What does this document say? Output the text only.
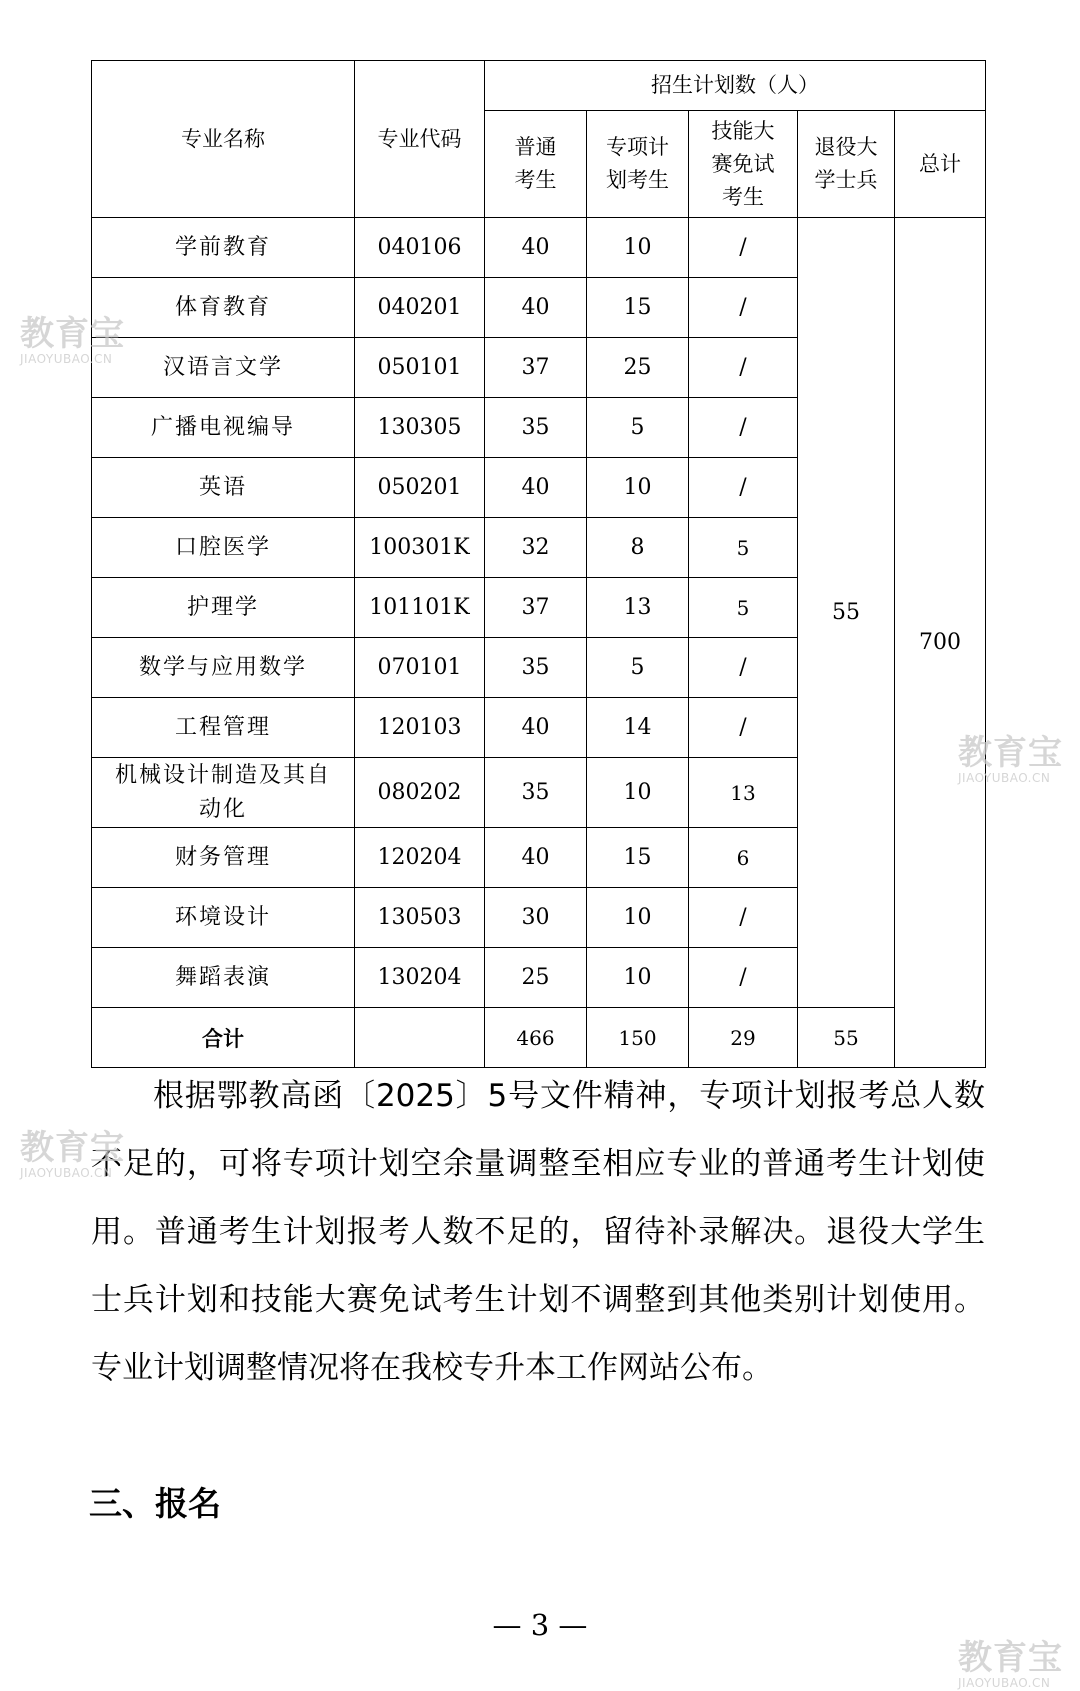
专业名称	专业代码	招生计划数（人）				

		普通考生	专项计划考生	技能大赛免试考生	退役大学士兵	总计
学前教育	040106	40	10	/	55	700
体育教育	040201	40	15	/		
汉语言文学	050101	37	25	/		
广播电视编导	130305	35	5	/		
英语	050201	40	10	/		
口腔医学	100301K	32	8	5		
护理学	101101K	37	13	5		
数学与应用数学	070101	35	5	/		
工程管理	120103	40	14	/		

机械设计制造及其自动化	080202	35	10	13		
财务管理	120204	40	15	6		
环境设计	130503	30	10	/		
舞蹈表演	130204	25	10	/		
合计		466	150	29	55	

根据鄂教高函〔2025〕5号文件精神，专项计划报考总人数不足的，可将专项计划空余量调整至相应专业的普通考生计划使用。普通考生计划报考人数不足的，留待补录解决。退役大学生士兵计划和技能大赛免试考生计划不调整到其他类别计划使用。专业计划调整情况将在我校专升本工作网站公布。

三、报名
— 3 —
教育宝
JIAOYUBAO.CN
教育宝
JIAOYUBAO.CN
教育宝
JIAOYUBAO.CN
教育宝
JIAOYUBAO.CN
